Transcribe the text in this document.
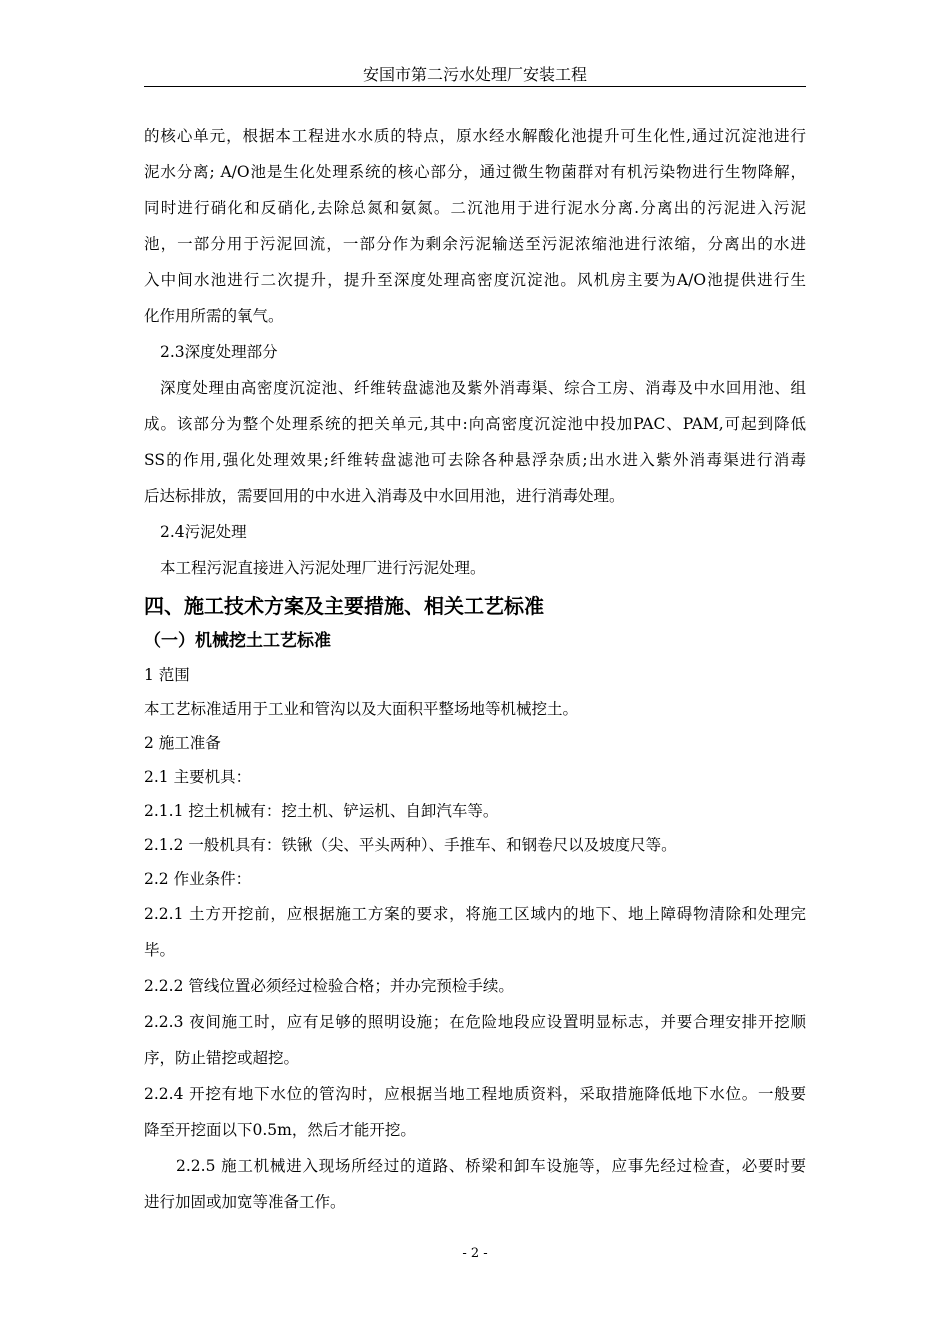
安国市第二污水处理厂安装工程
的核心单元，根据本工程进水水质的特点，原水经水解酸化池提升可生化性,通过沉淀池进行
泥水分离; A/O池是生化处理系统的核心部分，通过微生物菌群对有机污染物进行生物降解，
同时进行硝化和反硝化,去除总氮和氨氮。二沉池用于进行泥水分离.分离出的污泥进入污泥
池，一部分用于污泥回流，一部分作为剩余污泥输送至污泥浓缩池进行浓缩，分离出的水进
入中间水池进行二次提升，提升至深度处理高密度沉淀池。风机房主要为A/O池提供进行生
化作用所需的氧气。
2.3深度处理部分
深度处理由高密度沉淀池、纤维转盘滤池及紫外消毒渠、综合工房、消毒及中水回用池、组
成。该部分为整个处理系统的把关单元,其中:向高密度沉淀池中投加PAC、PAM,可起到降低
SS的作用,强化处理效果;纤维转盘滤池可去除各种悬浮杂质;出水进入紫外消毒渠进行消毒
后达标排放，需要回用的中水进入消毒及中水回用池，进行消毒处理。
2.4污泥处理
本工程污泥直接进入污泥处理厂进行污泥处理。
四、施工技术方案及主要措施、相关工艺标准
（一）机械挖土工艺标准
1 范围
本工艺标准适用于工业和管沟以及大面积平整场地等机械挖土。
2 施工准备
2.1 主要机具：
2.1.1 挖土机械有：挖土机、铲运机、自卸汽车等。
2.1.2 一般机具有：铁锹（尖、平头两种）、手推车、和钢卷尺以及坡度尺等。
2.2 作业条件：
2.2.1 土方开挖前，应根据施工方案的要求，将施工区域内的地下、地上障碍物清除和处理完
毕。
2.2.2 管线位置必须经过检验合格；并办完预检手续。
2.2.3 夜间施工时，应有足够的照明设施；在危险地段应设置明显标志，并要合理安排开挖顺
序，防止错挖或超挖。
2.2.4 开挖有地下水位的管沟时，应根据当地工程地质资料，采取措施降低地下水位。一般要
降至开挖面以下0.5m，然后才能开挖。
2.2.5 施工机械进入现场所经过的道路、桥梁和卸车设施等，应事先经过检查，必要时要
进行加固或加宽等准备工作。
- 2 -
